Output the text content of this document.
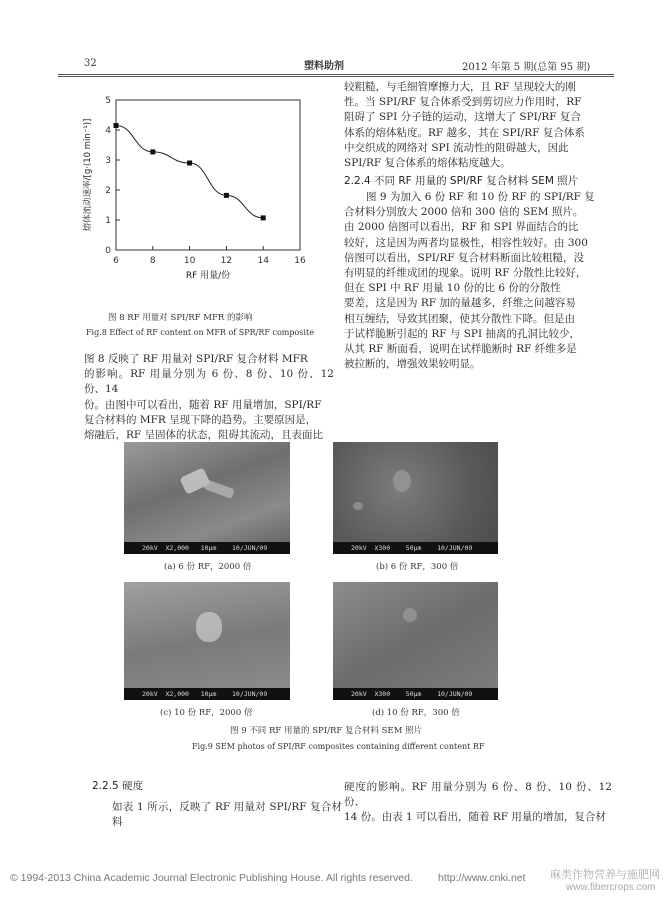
32	塑料助剂	2012 年第 5 期(总第 95 期)
6	8	10	12	14	16
0
1
2
3
4
5
RF 用量/份
熔体流动速率/[g·(10 min⁻¹)]
图 8 RF 用量对 SPI/RF MFR 的影响
Fig.8 Effect of RF content on MFR of SPR/RF composite

图 8 反映了 RF 用量对 SPI/RF 复合材料 MFR

的影响。RF 用量分别为 6 份、8 份、10 份、12 份、14

份。由图中可以看出，随着 RF 用量增加，SPI/RF

复合材料的 MFR 呈现下降的趋势。主要原因是，

熔融后，RF 呈固体的状态，阻碍其流动，且表面比

较粗糙，与毛细管摩擦力大，且 RF 呈现较大的刚

性。当 SPI/RF 复合体系受到剪切应力作用时，RF

阻碍了 SPI 分子链的运动，这增大了 SPI/RF 复合

体系的熔体粘度。RF 越多，其在 SPI/RF 复合体系

中交织成的网络对 SPI 流动性的阻碍越大，因此

SPI/RF 复合体系的熔体粘度越大。

2.2.4 不同 RF 用量的 SPI/RF 复合材料 SEM 照片

图 9 为加入 6 份 RF 和 10 份 RF 的 SPI/RF 复

合材料分别放大 2000 倍和 300 倍的 SEM 照片。

由 2000 倍图可以看出，RF 和 SPI 界面结合的比

较好，这是因为两者均显极性，相容性较好。由 300

倍图可以看出，SPI/RF 复合材料断面比较粗糙，没

有明显的纤维成团的现象。说明 RF 分散性比较好，

但在 SPI 中 RF 用量 10 份的比 6 份的分散性

要差，这是因为 RF 加的量越多，纤维之间越容易

相互缠结，导致其团聚，使其分散性下降。但是由

于试样脆断引起的 RF 与 SPI 抽离的孔洞比较少，

从其 RF 断面看，说明在试样脆断时 RF 纤维多是

被拉断的，增强效果较明显。

20kV  X2,000   10μm    10/JUN/09
(a) 6 份 RF，2000 倍
20kV  X300    50μm    10/JUN/09
(b) 6 份 RF，300 倍
20kV  X2,000   10μm    10/JUN/09
(c) 10 份 RF，2000 倍
20kV  X300    50μm    10/JUN/09
(d) 10 份 RF，300 倍
图 9 不同 RF 用量的 SPI/RF 复合材料 SEM 照片
Fig.9 SEM photos of SPI/RF composites containing different content RF
2.2.5 硬度
如表 1 所示，反映了 RF 用量对 SPI/RF 复合材料

硬度的影响。RF 用量分别为 6 份、8 份、10 份、12 份、

14 份。由表 1 可以看出，随着 RF 用量的增加，复合材

© 1994-2013 China Academic Journal Electronic Publishing House. All rights reserved. http://www.cnki.net 麻类作物营养与施肥网
www.fibercrops.com
